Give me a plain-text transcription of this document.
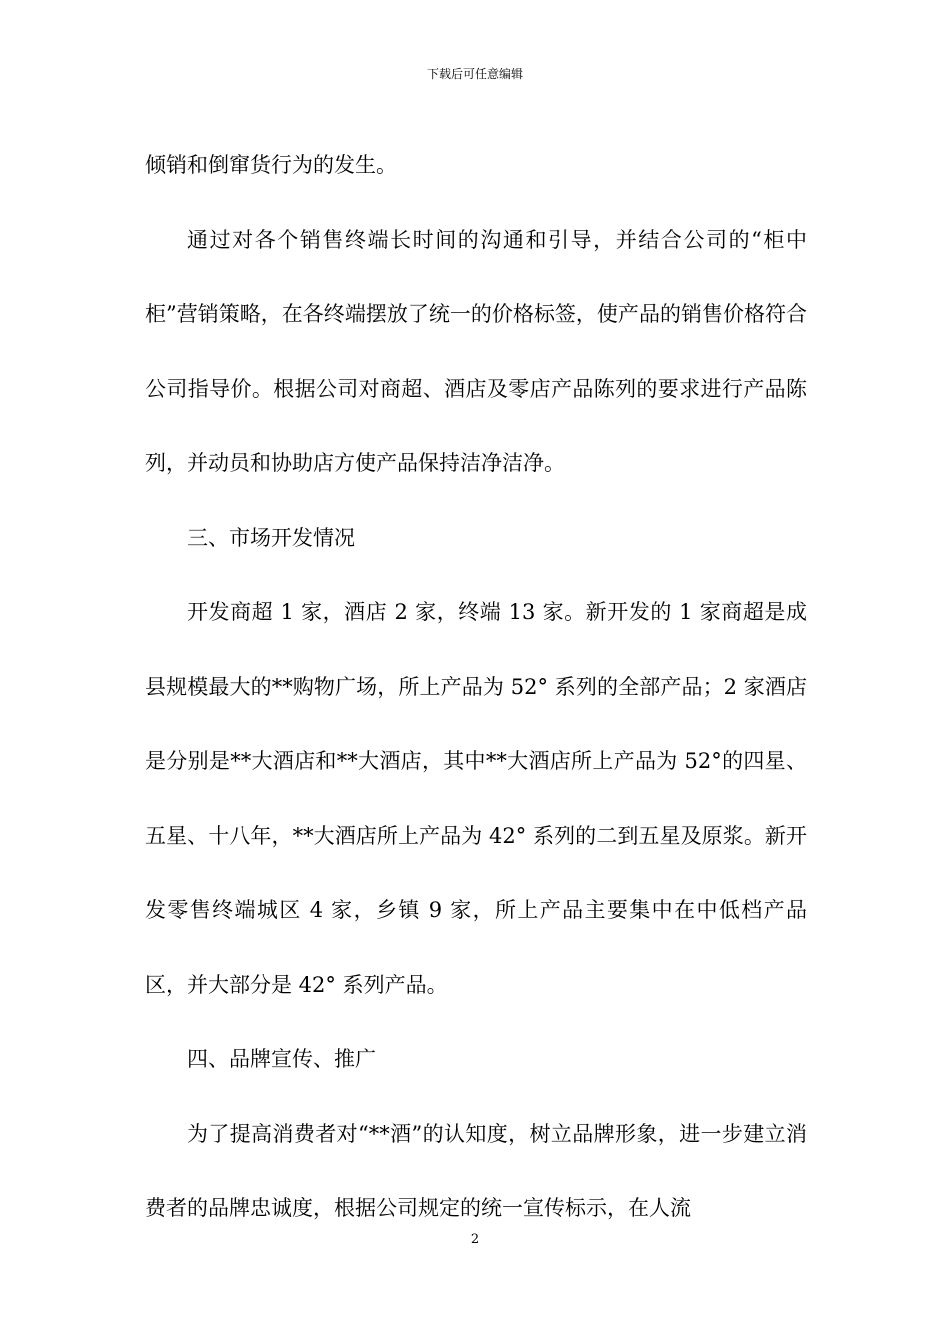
下载后可任意编辑

倾销和倒窜货行为的发生。

通过对各个销售终端长时间的沟通和引导，并结合公司的“柜中柜”营销策略，在各终端摆放了统一的价格标签，使产品的销售价格符合公司指导价。根据公司对商超、酒店及零店产品陈列的要求进行产品陈列，并动员和协助店方使产品保持洁净洁净。

三、市场开发情况

开发商超 1 家，酒店 2 家，终端 13 家。新开发的 1 家商超是成县规模最大的**购物广场，所上产品为 52° 系列的全部产品；2 家酒店是分别是**大酒店和**大酒店，其中**大酒店所上产品为 52°的四星、五星、十八年，**大酒店所上产品为 42° 系列的二到五星及原浆。新开发零售终端城区 4 家，乡镇 9 家，所上产品主要集中在中低档产品区，并大部分是 42° 系列产品。

四、品牌宣传、推广

为了提高消费者对“**酒”的认知度，树立品牌形象，进一步建立消费者的品牌忠诚度，根据公司规定的统一宣传标示，在人流

2
